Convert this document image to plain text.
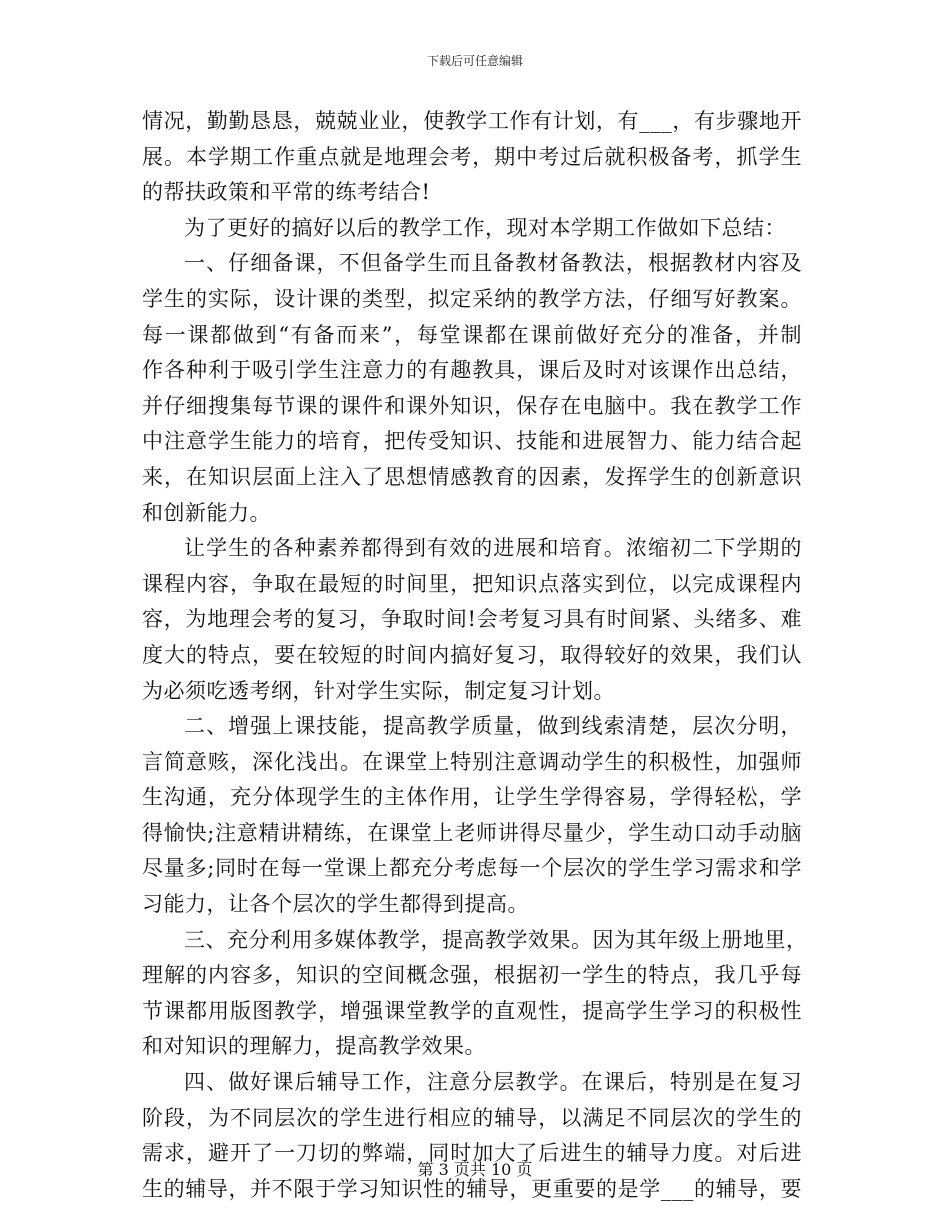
下载后可任意编辑
情况，勤勤恳恳，兢兢业业，使教学工作有计划，有___，有步骤地开
展。本学期工作重点就是地理会考，期中考过后就积极备考，抓学生
的帮扶政策和平常的练考结合!
为了更好的搞好以后的教学工作，现对本学期工作做如下总结：
一、仔细备课，不但备学生而且备教材备教法，根据教材内容及
学生的实际，设计课的类型，拟定采纳的教学方法，仔细写好教案。
每一课都做到“有备而来”，每堂课都在课前做好充分的准备，并制
作各种利于吸引学生注意力的有趣教具，课后及时对该课作出总结，
并仔细搜集每节课的课件和课外知识，保存在电脑中。我在教学工作
中注意学生能力的培育，把传受知识、技能和进展智力、能力结合起
来，在知识层面上注入了思想情感教育的因素，发挥学生的创新意识
和创新能力。
让学生的各种素养都得到有效的进展和培育。浓缩初二下学期的
课程内容，争取在最短的时间里，把知识点落实到位，以完成课程内
容，为地理会考的复习，争取时间!会考复习具有时间紧、头绪多、难
度大的特点，要在较短的时间内搞好复习，取得较好的效果，我们认
为必须吃透考纲，针对学生实际，制定复习计划。
二、增强上课技能，提高教学质量，做到线索清楚，层次分明，
言简意赅，深化浅出。在课堂上特别注意调动学生的积极性，加强师
生沟通，充分体现学生的主体作用，让学生学得容易，学得轻松，学
得愉快;注意精讲精练，在课堂上老师讲得尽量少，学生动口动手动脑
尽量多;同时在每一堂课上都充分考虑每一个层次的学生学习需求和学
习能力，让各个层次的学生都得到提高。
三、充分利用多媒体教学，提高教学效果。因为其年级上册地里，
理解的内容多，知识的空间概念强，根据初一学生的特点，我几乎每
节课都用版图教学，增强课堂教学的直观性，提高学生学习的积极性
和对知识的理解力，提高教学效果。
四、做好课后辅导工作，注意分层教学。在课后，特别是在复习
阶段，为不同层次的学生进行相应的辅导，以满足不同层次的学生的
需求，避开了一刀切的弊端，同时加大了后进生的辅导力度。对后进
生的辅导，并不限于学习知识性的辅导，更重要的是学___的辅导，要
第 3 页共 10 页
